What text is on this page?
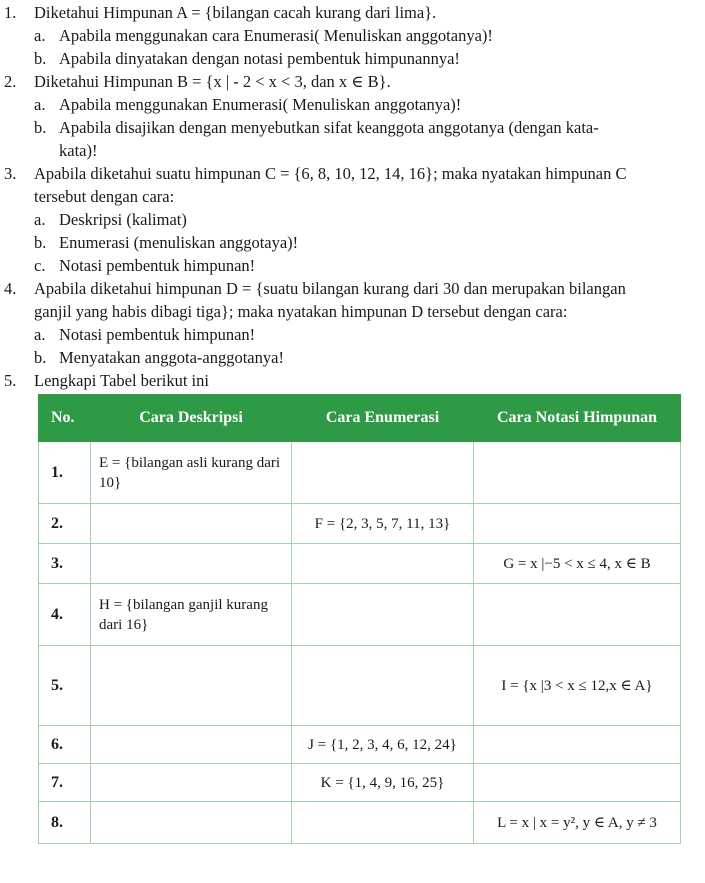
1. Diketahui Himpunan A = {bilangan cacah kurang dari lima}.
a. Apabila menggunakan cara Enumerasi( Menuliskan anggotanya)!
b. Apabila dinyatakan dengan notasi pembentuk himpunannya!
2. Diketahui Himpunan B = {x | - 2 < x < 3, dan x ∈ B}.
a. Apabila menggunakan Enumerasi( Menuliskan anggotanya)!
b. Apabila disajikan dengan menyebutkan sifat keanggota anggotanya (dengan kata-
kata)!
3. Apabila diketahui suatu himpunan C = {6, 8, 10, 12, 14, 16}; maka nyatakan himpunan C
tersebut dengan cara:
a. Deskripsi (kalimat)
b. Enumerasi (menuliskan anggotaya)!
c. Notasi pembentuk himpunan!
4. Apabila diketahui himpunan D = {suatu bilangan kurang dari 30 dan merupakan bilangan
ganjil yang habis dibagi tiga}; maka nyatakan himpunan D tersebut dengan cara:
a. Notasi pembentuk himpunan!
b. Menyatakan anggota-anggotanya!
5. Lengkapi Tabel berikut ini
No.	Cara Deskripsi	Cara Enumerasi	Cara Notasi Himpunan
1.	E = {bilangan asli kurang dari 10}		
2.		F = {2, 3, 5, 7, 11, 13}	
3.			G = x |−5 < x ≤ 4, x ∈ B
4.	H = {bilangan ganjil kurang dari 16}		
5.			I = {x |3 < x ≤ 12,x ∈ A}
6.		J = {1, 2, 3, 4, 6, 12, 24}	
7.		K = {1, 4, 9, 16, 25}	
8.			L = x | x = y², y ∈ A, y ≠ 3
